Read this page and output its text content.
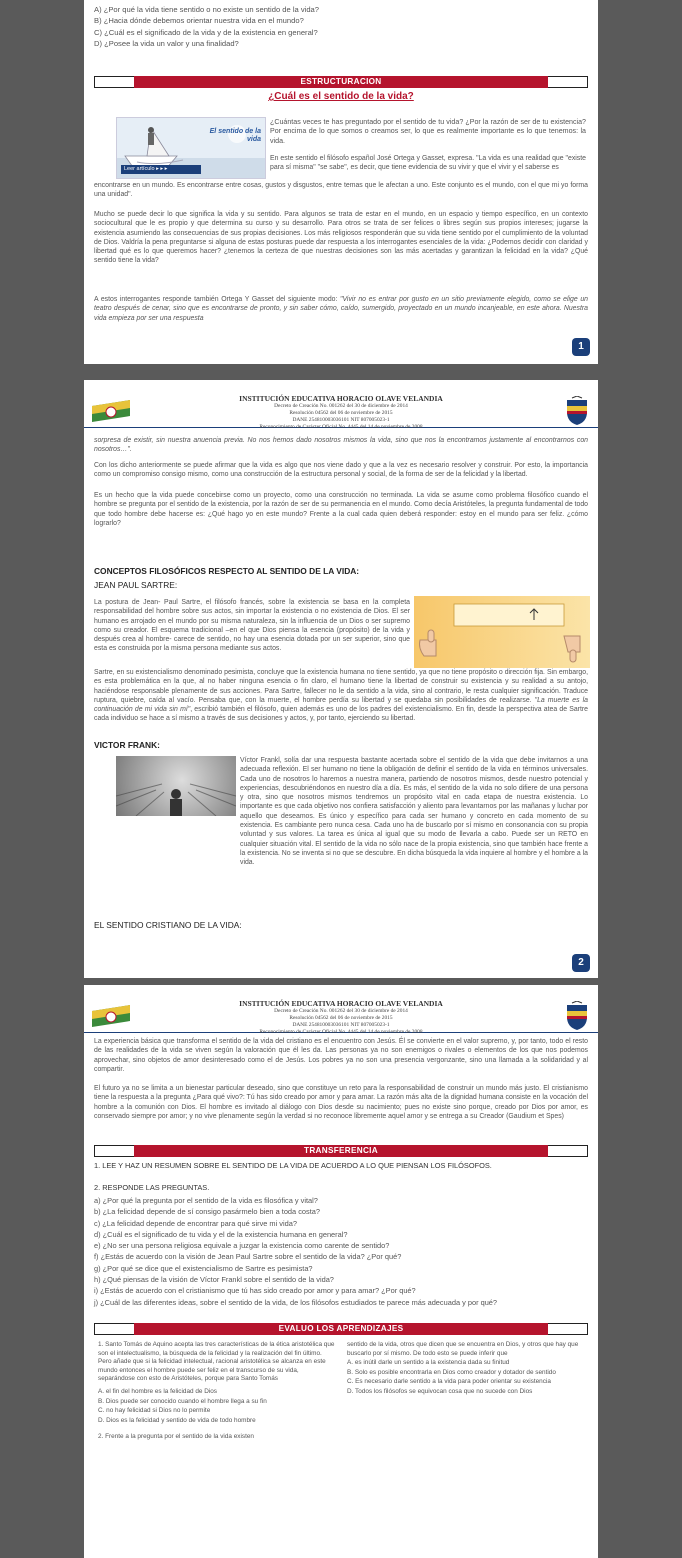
A) ¿Por qué la vida tiene sentido o no existe un sentido de la vida?
B) ¿Hacia dónde debemos orientar nuestra vida en el mundo?
C) ¿Cuál es el significado de la vida y de la existencia en general?
D) ¿Posee la vida un valor y una finalidad?
ESTRUCTURACION
¿Cuál es el sentido de la vida?
El sentido de la vida
Leer artículo ▸ ▸ ▸
¿Cuántas veces te has preguntado por el sentido de tu vida? ¿Por la razón de ser de tu existencia? Por encima de lo que somos o creamos ser, lo que es realmente importante es lo que tenemos: la vida.
En este sentido el filósofo español José Ortega y Gasset, expresa. "La vida es una realidad que "existe para sí misma" "se sabe", es decir, que tiene evidencia de su vivir y que el vivir y el saberse es
encontrarse en un mundo. Es encontrarse entre cosas, gustos y disgustos, entre temas que le afectan a uno. Este conjunto es el mundo, con el que mi yo forma una unidad".
Mucho se puede decir lo que significa la vida y su sentido. Para algunos se trata de estar en el mundo, en un espacio y tiempo específico, en un contexto sociocultural que le es propio y que determina su curso y su desarrollo. Para otros se trata de ser felices o libres según sus propios intereses; jugarse la existencia asumiendo las consecuencias de sus propias decisiones. Los más religiosos responderán que su vida tiene sentido por el cumplimiento de la voluntad de Dios. Valdría la pena preguntarse si alguna de estas posturas puede dar respuesta a los interrogantes esenciales de la vida: ¿Podemos decidir con claridad y libertad qué es lo que queremos hacer? ¿tenemos la certeza de que nuestras decisiones son las más acertadas y garantizan la felicidad en la vida? ¿Qué sentido tiene la vida?
A estos interrogantes responde también Ortega Y Gasset del siguiente modo: "Vivir no es entrar por gusto en un sitio previamente elegido, como se elige un teatro después de cenar, sino que es encontrarse de pronto, y sin saber cómo, caído, sumergido, proyectado en un mundo incanjeable, en este ahora. Nuestra vida empieza por ser una respuesta
1
INSTITUCIÓN EDUCATIVA HORACIO OLAVE VELANDIA
Decreto de Creación No. 001262 del 30 de diciembre de 2014
Resolución 04562 del 06 de noviembre de 2015
DANE 254810003036101 NIT 807005023-1
Reconocimiento de Carácter Oficial No. 4445 del 14 de noviembre de 2008
sorpresa de existir, sin nuestra anuencia previa. No nos hemos dado nosotros mismos la vida, sino que nos la encontramos justamente al encontrarnos con nosotros…".
Con los dicho anteriormente se puede afirmar que la vida es algo que nos viene dado y que a la vez es necesario resolver y construir. Por esto, la importancia como un compromiso consigo mismo, como una construcción de la estructura personal y social, de la forma de ser de la felicidad y la libertad.
Es un hecho que la vida puede concebirse como un proyecto, como una construcción no terminada. La vida se asume como problema filosófico cuando el hombre se pregunta por el sentido de la existencia, por la razón de ser de su permanencia en el mundo. Como decía Aristóteles, la pregunta fundamental de todo que todo hombre debe hacerse es: ¿Qué hago yo en este mundo? Frente a la cual cada quien deberá responder: estoy en el mundo para ser feliz. ¿cómo lograrlo?
CONCEPTOS FILOSÓFICOS RESPECTO AL SENTIDO DE LA VIDA:
JEAN PAUL SARTRE:
La postura de Jean- Paul Sartre, el filósofo francés, sobre la existencia se basa en la completa responsabilidad del hombre sobre sus actos, sin importar la existencia o no existencia de Dios. El ser humano es arrojado en el mundo por su misma naturaleza, sin la influencia de un Dios o ser supremo como su creador. El esquema tradicional –en el que Dios piensa la esencia (propósito) de la vida y después crea al hombre- carece de sentido, no hay una esencia dotada por un ser superior, sino que esta es construida por la misma persona mediante sus actos.
Sartre, en su existencialismo denominado pesimista, concluye que la existencia humana no tiene sentido, ya que no tiene propósito o dirección fija. Sin embargo, es esta problemática en la que, al no haber ninguna esencia o fin claro, el humano tiene la libertad de construir su existencia y su realidad a su antojo, haciéndose responsable plenamente de sus acciones. Para Sartre, fallecer no le da sentido a la vida, sino al contrario, le resta cualquier significación. Traduce ruptura, quiebre, caída al vacío. Pensaba que, con la muerte, el hombre perdía su libertad y se quedaba sin posibilidades de realizarse. "La muerte es la continuación de mi vida sin mí", escribió también el filósofo, quien además es uno de los padres del existencialismo. En fin, desde la perspectiva atea de Sartre cada individuo se hace a sí mismo a través de sus decisiones y actos, y, por tanto, ejerciendo su libertad.
VICTOR FRANK:
Víctor Frankl, solía dar una respuesta bastante acertada sobre el sentido de la vida que debe invitarnos a una adecuada reflexión. El ser humano no tiene la obligación de definir el sentido de la vida en términos universales. Cada uno de nosotros lo haremos a nuestra manera, partiendo de nosotros mismos, desde nuestro potencial y experiencias, descubriéndonos en nuestro día a día. Es más, el sentido de la vida no solo difiere de una persona y otra, sino que nosotros mismos tendremos un propósito vital en cada etapa de nuestra existencia. Lo importante es que cada objetivo nos confiera satisfacción y aliento para levantarnos por las mañanas y luchar por aquello que deseamos. Es único y específico para cada ser humano y concreto en cada momento de su existencia. Es cambiante pero nunca cesa. Cada uno ha de buscarlo por sí mismo en consonancia con su propia voluntad y sus valores. La tarea es única al igual que su modo de llevarla a cabo. Puede ser un RETO en cualquier situación vital. El sentido de la vida no sólo nace de la propia existencia, sino que también hace frente a la existencia. No se inventa si no que se descubre. En dicha búsqueda la vida inquiere al hombre y el hombre a la vida.
EL SENTIDO CRISTIANO DE LA VIDA:
2
INSTITUCIÓN EDUCATIVA HORACIO OLAVE VELANDIA
Decreto de Creación No. 001262 del 30 de diciembre de 2014
Resolución 04562 del 06 de noviembre de 2015
DANE 254810003036101 NIT 807005023-1
Reconocimiento de Carácter Oficial No. 4445 del 14 de noviembre de 2008
La experiencia básica que transforma el sentido de la vida del cristiano es el encuentro con Jesús. Él se convierte en el valor supremo, y, por tanto, todo el resto de las realidades de la vida se viven según la valoración que él les da. Las personas ya no son enemigos o rivales o elementos de los que nos podemos aprovechar, sino objetos de amor desinteresado como el de Jesús. Los pobres ya no son una presencia vergonzante, sino una llamada a la solidaridad y al compartir.
El futuro ya no se limita a un bienestar particular deseado, sino que constituye un reto para la responsabilidad de construir un mundo más justo. El cristianismo tiene la respuesta a la pregunta ¿Para qué vivo?: Tú has sido creado por amor y para amar. La razón más alta de la dignidad humana consiste en la vocación del hombre a la comunión con Dios. El hombre es invitado al diálogo con Dios desde su nacimiento; pues no existe sino porque, creado por Dios por amor, es conservado siempre por amor; y no vive plenamente según la verdad si no reconoce libremente aquel amor y se entrega a su Creador (Gaudium et Spes)
TRANSFERENCIA
1. LEE Y HAZ UN RESUMEN SOBRE EL SENTIDO DE LA VIDA DE ACUERDO A LO QUE PIENSAN LOS FILÓSOFOS.
2. RESPONDE LAS PREGUNTAS.
a) ¿Por qué la pregunta por el sentido de la vida es filosófica y vital?
b) ¿La felicidad depende de sí consigo pasármelo bien a toda costa?
c) ¿La felicidad depende de encontrar para qué sirve mi vida?
d) ¿Cuál es el significado de tu vida y el de la existencia humana en general?
e) ¿No ser una persona religiosa equivale a juzgar la existencia como carente de sentido?
f) ¿Estás de acuerdo con la visión de Jean Paul Sartre sobre el sentido de la vida? ¿Por qué?
g) ¿Por qué se dice que el existencialismo de Sartre es pesimista?
h) ¿Qué piensas de la visión de Víctor Frankl sobre el sentido de la vida?
i) ¿Estás de acuerdo con el cristianismo que tú has sido creado por amor y para amar? ¿Por qué?
j) ¿Cuál de las diferentes ideas, sobre el sentido de la vida, de los filósofos estudiados te parece más adecuada y por qué?
EVALUO LOS APRENDIZAJES
1. Santo Tomás de Aquino acepta las tres características de la ética aristotélica que son el intelectualismo, la búsqueda de la felicidad y la realización del fin último. Pero añade que si la felicidad intelectual, racional aristotélica se alcanza en este mundo entonces el hombre puede ser feliz en el transcurso de su vida, separándose con esto de Aristóteles, porque para Santo Tomás
A. el fin del hombre es la felicidad de Dios
B. Dios puede ser conocido cuando el hombre llega a su fin
C. no hay felicidad si Dios no lo permite
D. Dios es la felicidad y sentido de vida de todo hombre
2. Frente a la pregunta por el sentido de la vida existen
sentido de la vida, otros que dicen que se encuentra en Dios, y otros que hay que buscarlo por sí mismo. De todo esto se puede inferir que
A. es inútil darle un sentido a la existencia dada su finitud
B. Solo es posible encontrarla en Dios como creador y dotador de sentido
C. Es necesario darle sentido a la vida para poder orientar su existencia
D. Todos los filósofos se equivocan cosa que no sucede con Dios
